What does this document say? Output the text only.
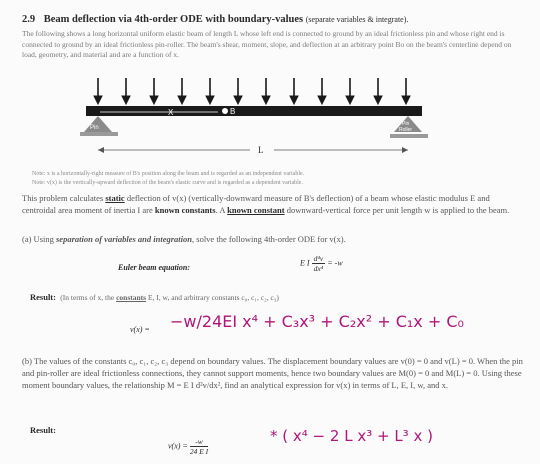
2.9 Beam deflection via 4th-order ODE with boundary-values (separate variables & integrate).
The following shows a long horizontal uniform elastic beam of length L whose left end is connected to ground by an ideal frictionless pin and whose right end is connected to ground by an ideal frictionless pin-roller. The beam's shear, moment, slope, and deflection at an arbitrary point Bo on the beam's centerline depend on load, geometry, and material and are a function of x.
X	B
Pin
Pin
Roller
L
Note: x is a horizontally-right measure of B's position along the beam and is regarded as an independent variable.
Note: v(x) is the vertically-upward deflection of the beam's elastic curve and is regarded as a dependent variable.
This problem calculates static deflection of v(x) (vertically-downward measure of B's deflection) of a beam whose elastic modulus E and centroidal area moment of inertia I are known constants. A known constant downward-vertical force per unit length w is applied to the beam.
(a) Using separation of variables and integration, solve the following 4th-order ODE for v(x).
Euler beam equation:
E I $\frac{\text{d⁴v}}{\text{dx⁴}} = -w$
Result: (In terms of x, the constants E, I, w, and arbitrary constants c₀, c₁, c₂, c₃)
v(x) = −w/24EI x⁴ + C₃x³ + C₂x² + C₁x + C₀
(b) The values of the constants c₀, c₁, c₂, c₃ depend on boundary values. The displacement boundary values are v(0) = 0 and v(L) = 0. When the pin and pin-roller are ideal frictionless connections, they cannot support moments, hence two boundary values are M(0) = 0 and M(L) = 0. Using these moment boundary values, the relationship M = E I d²v/dx², find an analytical expression for v(x) in terms of L, E, I, w, and x.
Result:
$v(x) = \frac{-w}{\text{24 E I}}$
* ( x⁴ − 2 L x³ + L³ x )
